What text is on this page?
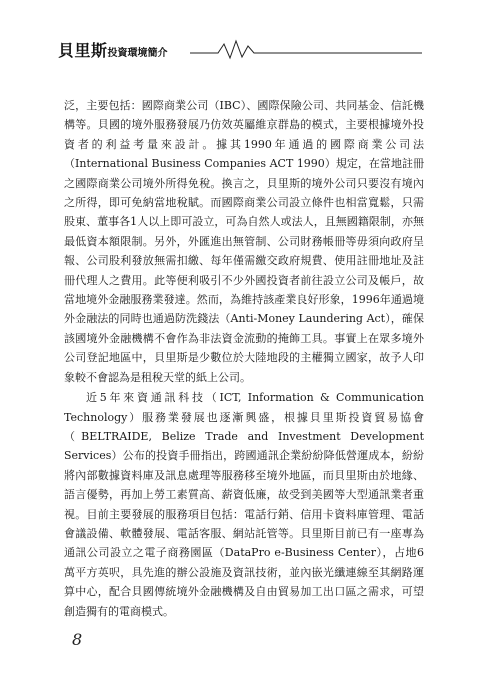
貝里斯投資環境簡介

泛，主要包括：國際商業公司（IBC）、國際保險公司、共同基金、信託機構等。貝國的境外服務發展乃仿效英屬維京群島的模式，主要根據境外投資者的利益考量來設計。據其1990年通過的國際商業公司法（International Business Companies ACT 1990）規定，在當地註冊之國際商業公司境外所得免稅。換言之，貝里斯的境外公司只要沒有境內之所得，即可免納當地稅賦。而國際商業公司設立條件也相當寬鬆，只需股東、董事各1人以上即可設立，可為自然人或法人，且無國籍限制，亦無最低資本額限制。另外，外匯進出無管制、公司財務帳冊等毋須向政府呈報、公司股利發放無需扣繳、每年僅需繳交政府規費、使用註冊地址及註冊代理人之費用。此等便利吸引不少外國投資者前往設立公司及帳戶，故當地境外金融服務業發達。然而，為維持該產業良好形象，1996年通過境外金融法的同時也通過防洗錢法（Anti-Money Laundering Act），確保該國境外金融機構不會作為非法資金流動的掩飾工具。事實上在眾多境外公司登記地區中，貝里斯是少數位於大陸地段的主權獨立國家，故予人印象較不會認為是租稅天堂的紙上公司。

近5年來資通訊科技（ICT, Information & Communication Technology）服務業發展也逐漸興盛，根據貝里斯投資貿易協會（BELTRAIDE, Belize Trade and Investment Development Services）公布的投資手冊指出，跨國通訊企業紛紛降低營運成本，紛紛將內部數據資料庫及訊息處理等服務移至境外地區，而貝里斯由於地緣、語言優勢，再加上勞工素質高、薪資低廉，故受到美國等大型通訊業者重視。目前主要發展的服務項目包括：電話行銷、信用卡資料庫管理、電話會議設備、軟體發展、電話客服、網站託管等。貝里斯目前已有一座專為通訊公司設立之電子商務園區（DataPro e-Business Center），占地6萬平方英呎，具先進的辦公設施及資訊技術，並內嵌光纖連線至其網路運算中心，配合貝國傳統境外金融機構及自由貿易加工出口區之需求，可望創造獨有的電商模式。

8
